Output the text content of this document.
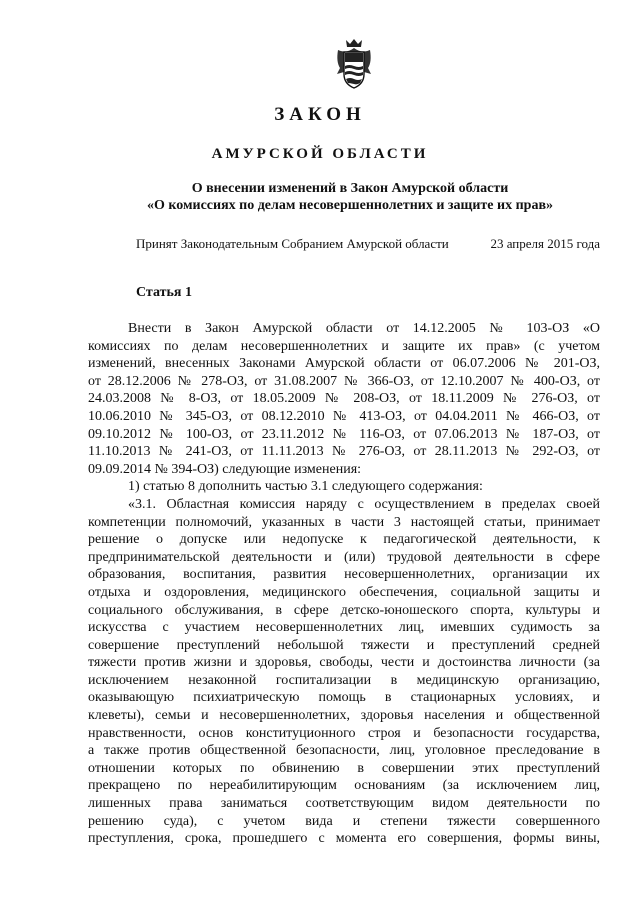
ЗАКОН
АМУРСКОЙ ОБЛАСТИ
О внесении изменений в Закон Амурской области
«О комиссиях по делам несовершеннолетних и защите их прав»
Принят Законодательным Собранием Амурской области	23 апреля 2015 года
Статья 1
Внести в Закон Амурской области от 14.12.2005 № 103-ОЗ «О
комиссиях по делам несовершеннолетних и защите их прав» (с учетом
изменений, внесенных Законами Амурской области от 06.07.2006 № 201-ОЗ,
от 28.12.2006 № 278-ОЗ, от 31.08.2007 № 366-ОЗ, от 12.10.2007 № 400-ОЗ, от
24.03.2008 № 8-ОЗ, от 18.05.2009 № 208-ОЗ, от 18.11.2009 № 276-ОЗ, от
10.06.2010 № 345-ОЗ, от 08.12.2010 № 413-ОЗ, от 04.04.2011 № 466-ОЗ, от
09.10.2012 № 100-ОЗ, от 23.11.2012 № 116-ОЗ, от 07.06.2013 № 187-ОЗ, от
11.10.2013 № 241-ОЗ, от 11.11.2013 № 276-ОЗ, от 28.11.2013 № 292-ОЗ, от
09.09.2014 № 394-ОЗ) следующие изменения:
1) статью 8 дополнить частью 3.1 следующего содержания:
«3.1. Областная комиссия наряду с осуществлением в пределах своей
компетенции полномочий, указанных в части 3 настоящей статьи, принимает
решение о допуске или недопуске к педагогической деятельности, к
предпринимательской деятельности и (или) трудовой деятельности в сфере
образования, воспитания, развития несовершеннолетних, организации их
отдыха и оздоровления, медицинского обеспечения, социальной защиты и
социального обслуживания, в сфере детско-юношеского спорта, культуры и
искусства с участием несовершеннолетних лиц, имевших судимость за
совершение преступлений небольшой тяжести и преступлений средней
тяжести против жизни и здоровья, свободы, чести и достоинства личности (за
исключением незаконной госпитализации в медицинскую организацию,
оказывающую психиатрическую помощь в стационарных условиях, и
клеветы), семьи и несовершеннолетних, здоровья населения и общественной
нравственности, основ конституционного строя и безопасности государства,
а также против общественной безопасности, лиц, уголовное преследование в
отношении которых по обвинению в совершении этих преступлений
прекращено по нереабилитирующим основаниям (за исключением лиц,
лишенных права заниматься соответствующим видом деятельности по
решению суда), с учетом вида и степени тяжести совершенного
преступления, срока, прошедшего с момента его совершения, формы вины,
